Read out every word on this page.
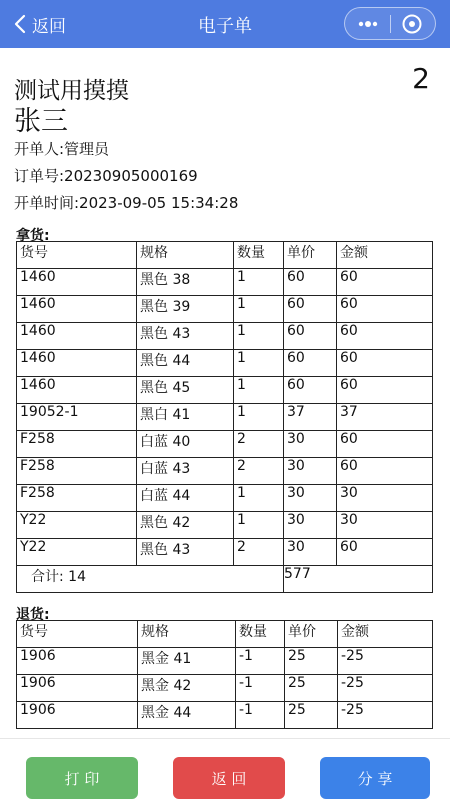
返回	电子单
测试用摸摸	2
张三
开单人:管理员
订单号:20230905000169
开单时间:2023-09-05 15:34:28
拿货:
货号	规格	数量	单价	金额
1460	黑色 38	1	60	60
1460	黑色 39	1	60	60
1460	黑色 43	1	60	60
1460	黑色 44	1	60	60
1460	黑色 45	1	60	60
19052-1	黑白 41	1	37	37
F258	白蓝 40	2	30	60
F258	白蓝 43	2	30	60
F258	白蓝 44	1	30	30
Y22	黑色 42	1	30	30
Y22	黑色 43	2	30	60
合计: 14			577	
退货:
货号	规格	数量	单价	金额
1906	黑金 41	-1	25	-25
1906	黑金 42	-1	25	-25
1906	黑金 44	-1	25	-25
打 印	返 回	分 享
